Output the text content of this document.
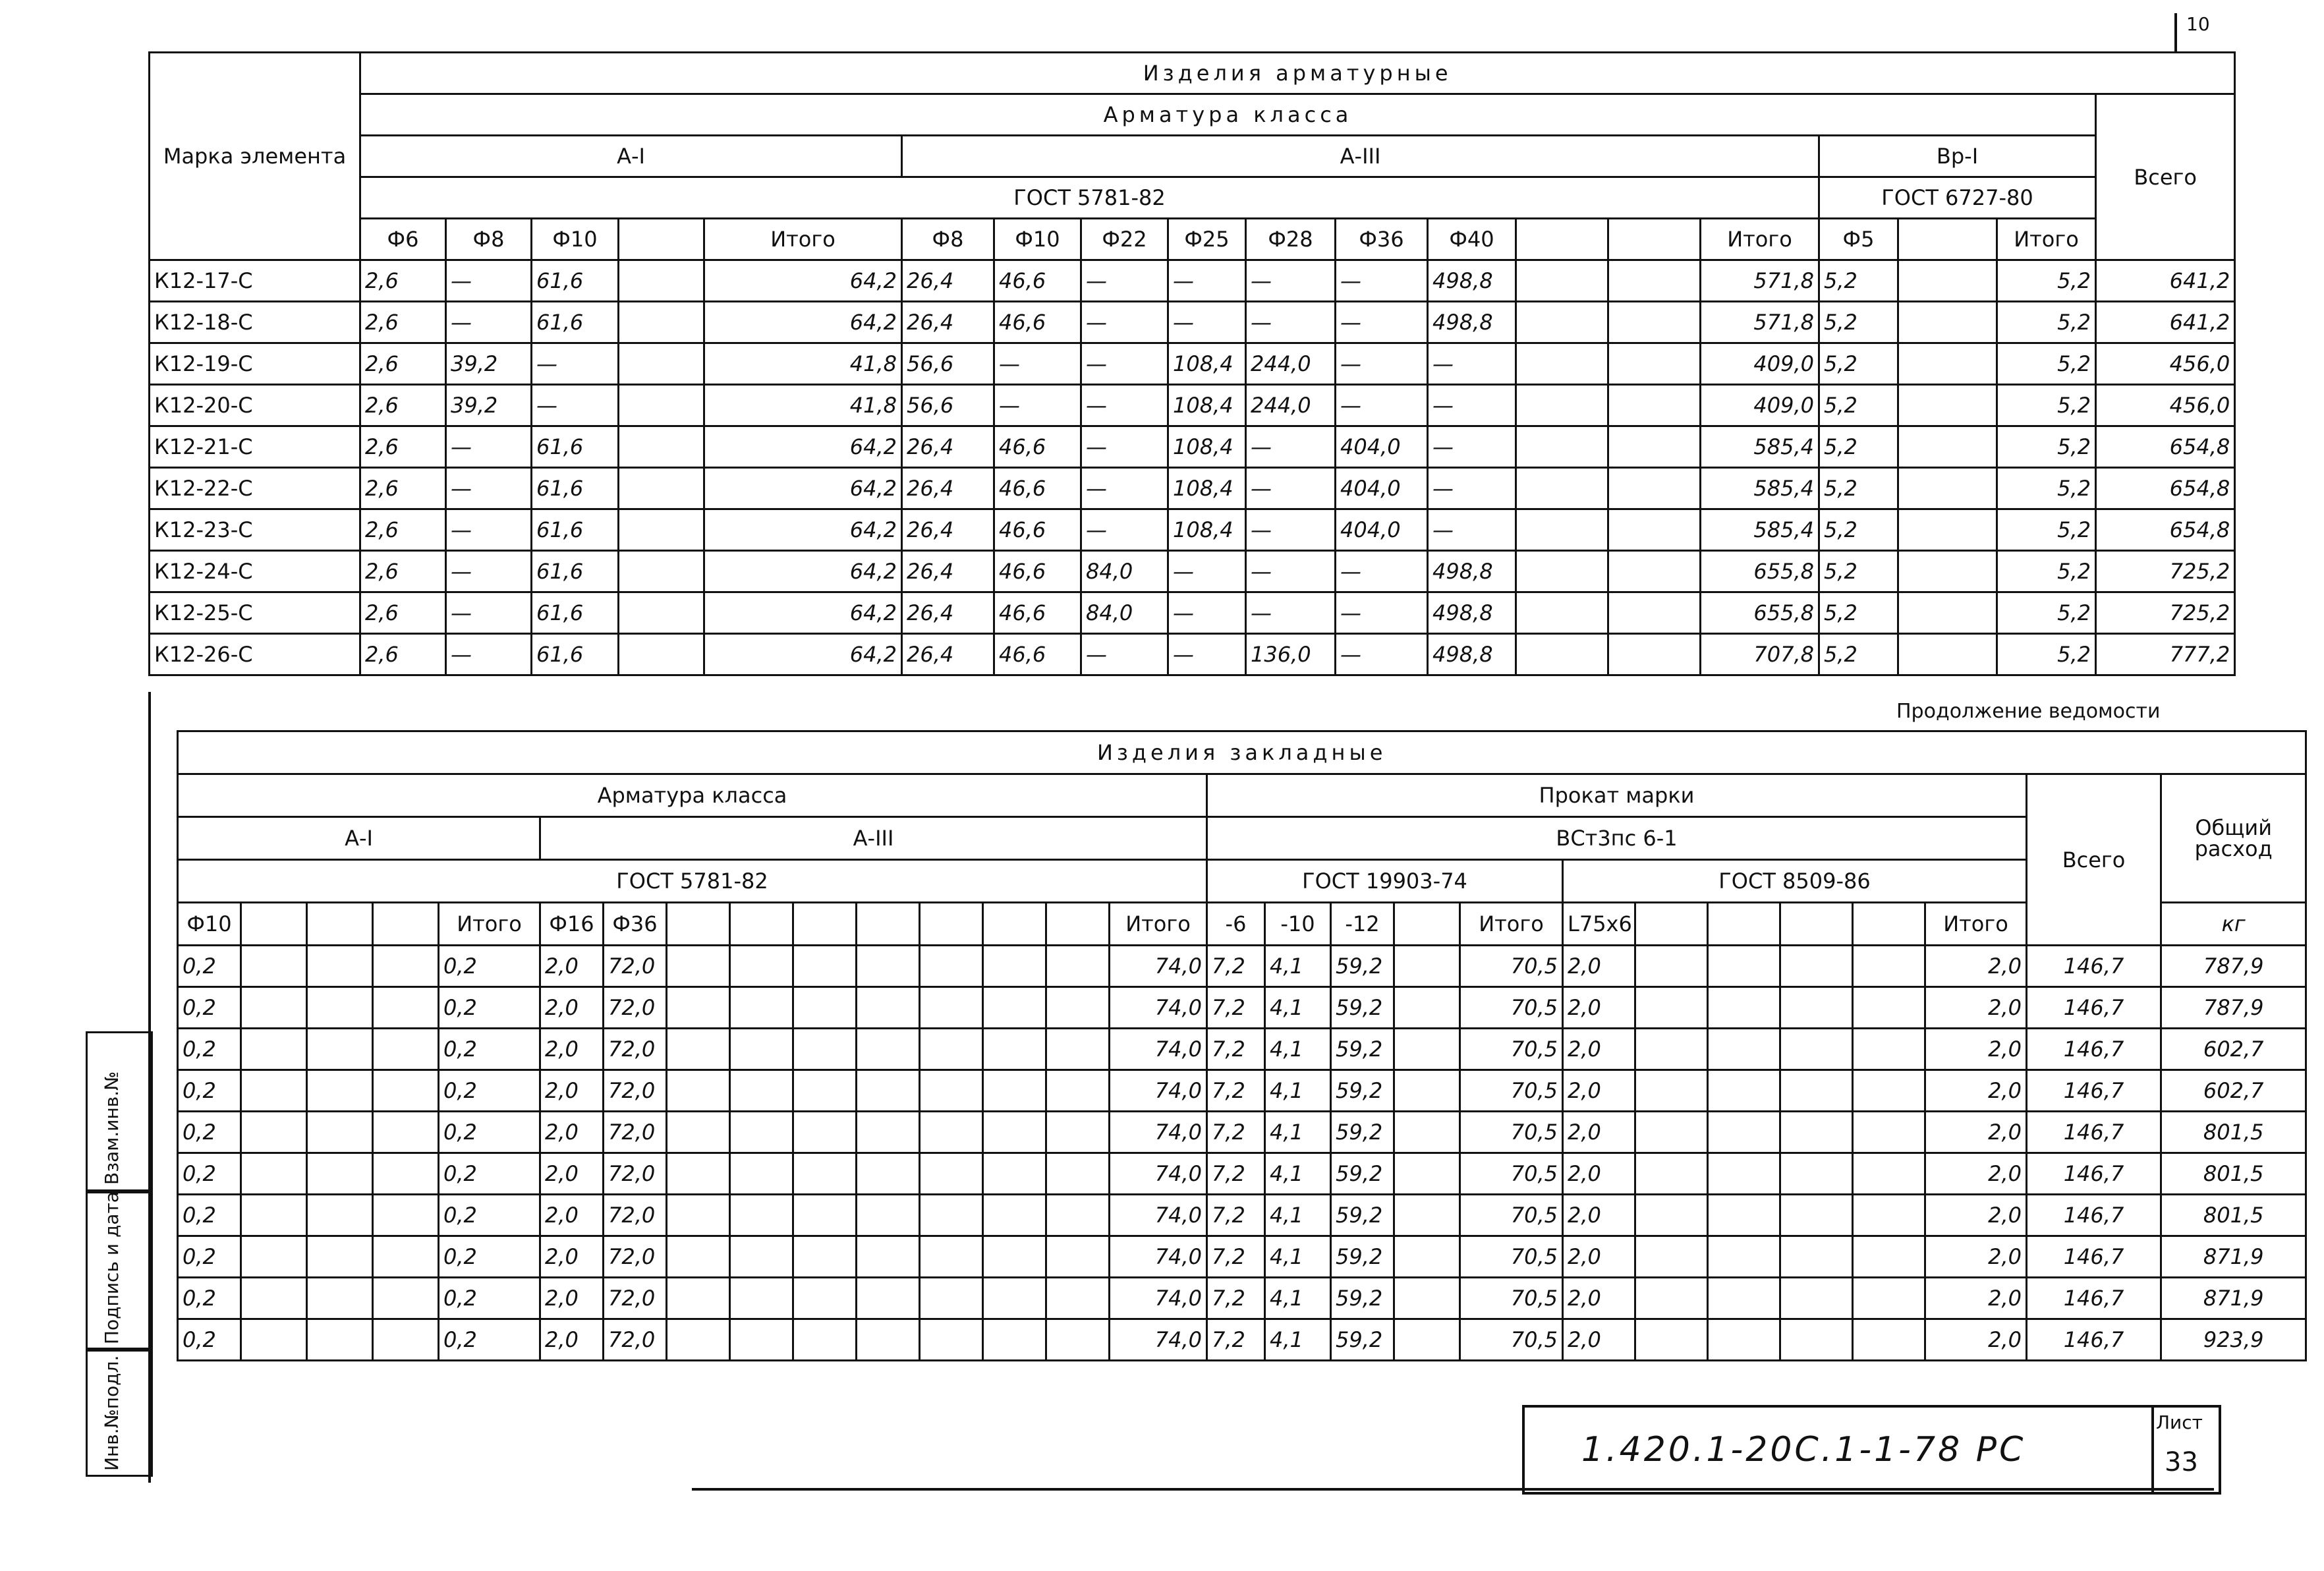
10
Марка элемента	Изделия арматурные																		
	Арматура класса																		Всего
	А-I					А-III										Вр-I			
	ГОСТ 5781-82															ГОСТ 6727-80			
	Ф6	Ф8	Ф10		Итого	Ф8	Ф10	Ф22	Ф25	Ф28	Ф36	Ф40			Итого	Ф5		Итого	
К12-17-С	2,6	—	61,6		64,2	26,4	46,6	—	—	—	—	498,8			571,8	5,2		5,2	641,2
К12-18-С	2,6	—	61,6		64,2	26,4	46,6	—	—	—	—	498,8			571,8	5,2		5,2	641,2
К12-19-С	2,6	39,2	—		41,8	56,6	—	—	108,4	244,0	—	—			409,0	5,2		5,2	456,0
К12-20-С	2,6	39,2	—		41,8	56,6	—	—	108,4	244,0	—	—			409,0	5,2		5,2	456,0
К12-21-С	2,6	—	61,6		64,2	26,4	46,6	—	108,4	—	404,0	—			585,4	5,2		5,2	654,8
К12-22-С	2,6	—	61,6		64,2	26,4	46,6	—	108,4	—	404,0	—			585,4	5,2		5,2	654,8
К12-23-С	2,6	—	61,6		64,2	26,4	46,6	—	108,4	—	404,0	—			585,4	5,2		5,2	654,8
К12-24-С	2,6	—	61,6		64,2	26,4	46,6	84,0	—	—	—	498,8			655,8	5,2		5,2	725,2
К12-25-С	2,6	—	61,6		64,2	26,4	46,6	84,0	—	—	—	498,8			655,8	5,2		5,2	725,2
К12-26-С	2,6	—	61,6		64,2	26,4	46,6	—	—	136,0	—	498,8			707,8	5,2		5,2	777,2
Продолжение ведомости
Изделия закладные																											
Арматура класса															Прокат марки											Всего	Общий расход
А-I					А-III										ВСт3пс 6-1												
ГОСТ 5781-82															ГОСТ 19903-74					ГОСТ 8509-86							
Ф10				Итого	Ф16	Ф36								Итого	-6	-10	-12		Итого	L75x6					Итого		кг
0,2				0,2	2,0	72,0								74,0	7,2	4,1	59,2		70,5	2,0					2,0	146,7	787,9
0,2				0,2	2,0	72,0								74,0	7,2	4,1	59,2		70,5	2,0					2,0	146,7	787,9
0,2				0,2	2,0	72,0								74,0	7,2	4,1	59,2		70,5	2,0					2,0	146,7	602,7
0,2				0,2	2,0	72,0								74,0	7,2	4,1	59,2		70,5	2,0					2,0	146,7	602,7
0,2				0,2	2,0	72,0								74,0	7,2	4,1	59,2		70,5	2,0					2,0	146,7	801,5
0,2				0,2	2,0	72,0								74,0	7,2	4,1	59,2		70,5	2,0					2,0	146,7	801,5
0,2				0,2	2,0	72,0								74,0	7,2	4,1	59,2		70,5	2,0					2,0	146,7	801,5
0,2				0,2	2,0	72,0								74,0	7,2	4,1	59,2		70,5	2,0					2,0	146,7	871,9
0,2				0,2	2,0	72,0								74,0	7,2	4,1	59,2		70,5	2,0					2,0	146,7	871,9
0,2				0,2	2,0	72,0								74,0	7,2	4,1	59,2		70,5	2,0					2,0	146,7	923,9
Взам.инв.№
Подпись и дата
Инв.№подл.	1.420.1-20С.1-1-78 РС
Лист
33
